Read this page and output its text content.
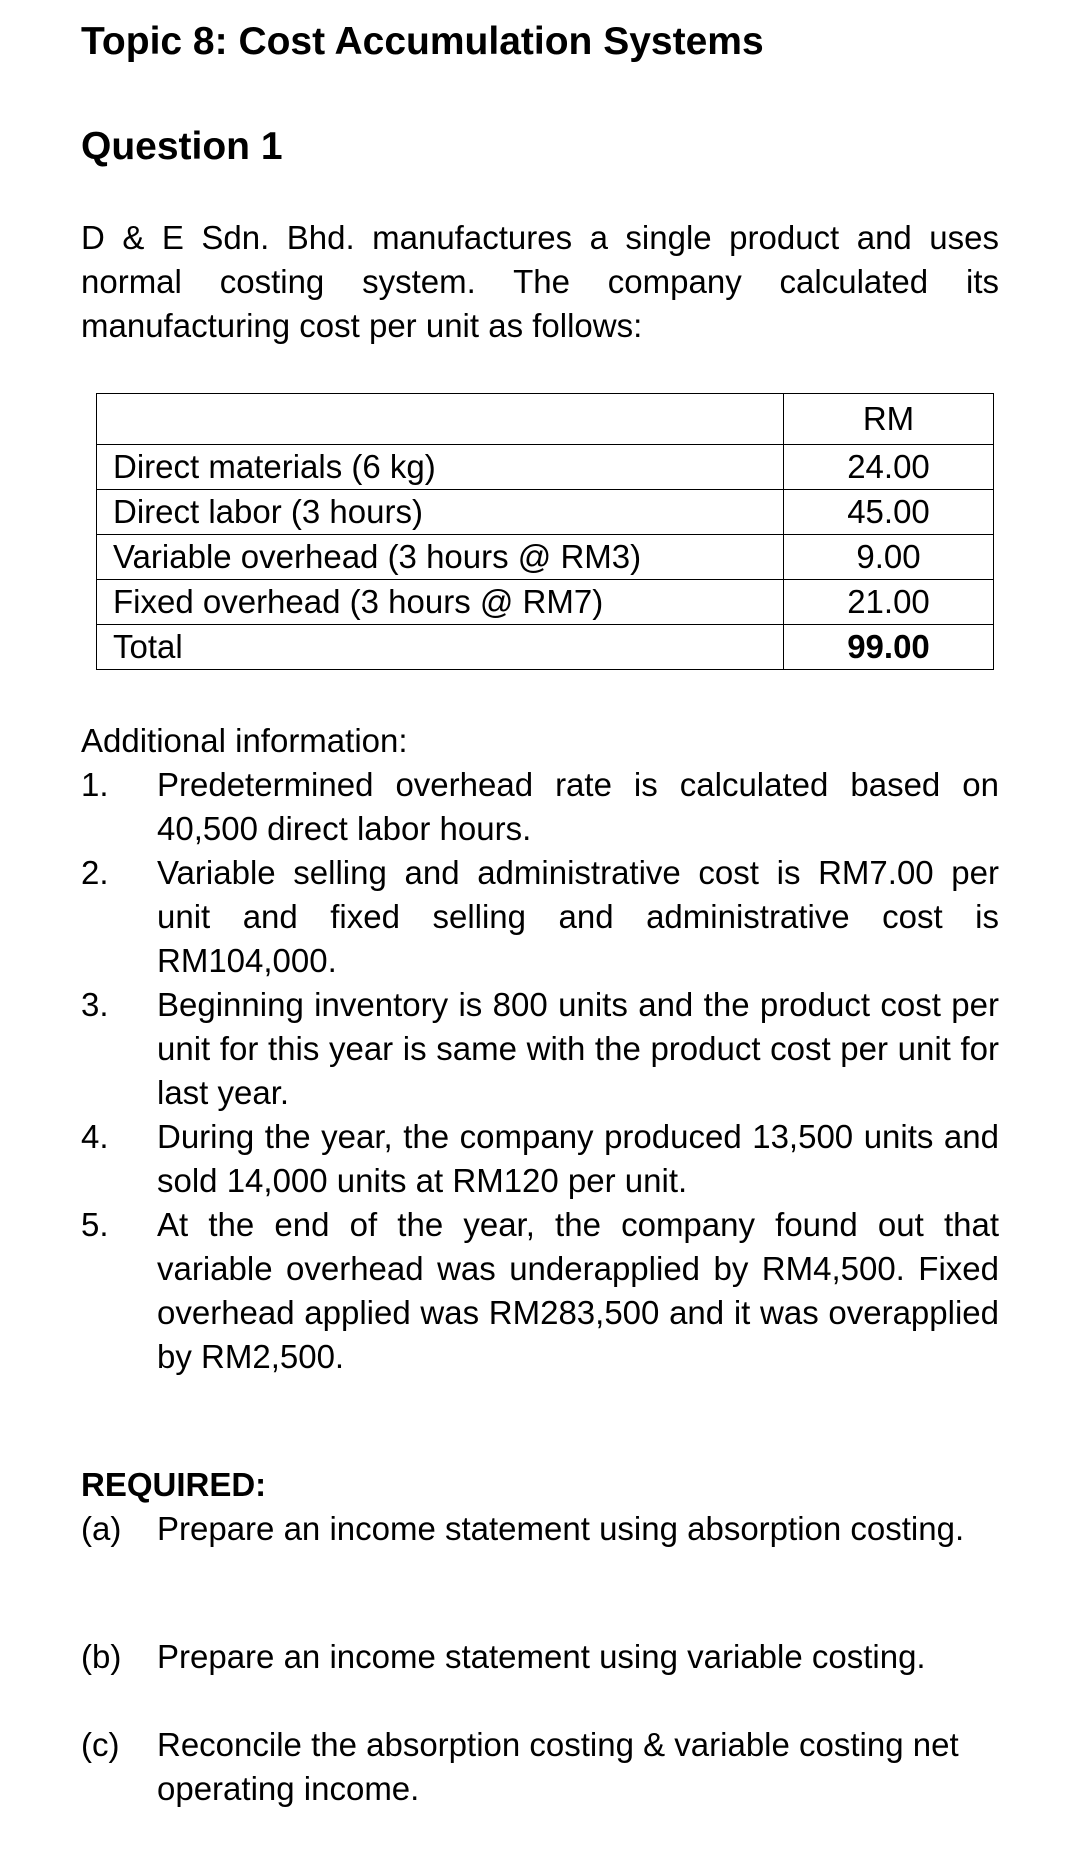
Topic 8: Cost Accumulation Systems
Question 1

D & E Sdn. Bhd. manufactures a single product and uses normal costing system. The company calculated its manufacturing cost per unit as follows:

	RM
Direct materials (6 kg)	24.00
Direct labor (3 hours)	45.00
Variable overhead (3 hours @ RM3)	9.00
Fixed overhead (3 hours @ RM7)	21.00
Total	99.00

Additional information:

1.	Predetermined overhead rate is calculated based on 40,500 direct labor hours.
2.	Variable selling and administrative cost is RM7.00 per unit and fixed selling and administrative cost is RM104,000.
3.	Beginning inventory is 800 units and the product cost per unit for this year is same with the product cost per unit for last year.
4.	During the year, the company produced 13,500 units and sold 14,000 units at RM120 per unit.
5.	At the end of the year, the company found out that variable overhead was underapplied by RM4,500. Fixed overhead applied was RM283,500 and it was overapplied by RM2,500.

REQUIRED:

(a) Prepare an income statement using absorption costing.

(b) Prepare an income statement using variable costing.

(c)	Reconcile the absorption costing & variable costing net operating income.
